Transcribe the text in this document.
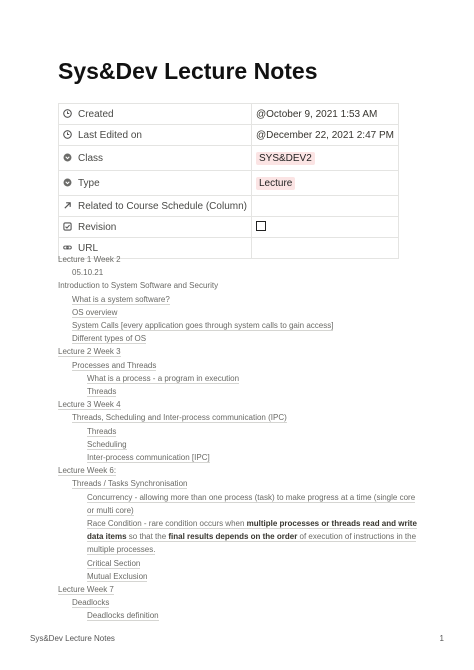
Sys&Dev Lecture Notes
Created	@October 9, 2021 1:53 AM
Last Edited on	@December 22, 2021 2:47 PM
Class	SYS&DEV2
Type	Lecture
Related to Course Schedule (Column)	
Revision	
URL	
Lecture 1 Week 2
05.10.21
Introduction to System Software and Security
What is a system software?
OS overview
System Calls [every application goes through system calls to gain access]
Different types of OS
Lecture 2 Week 3
Processes and Threads
What is a process - a program in execution
Threads
Lecture 3 Week 4
Threads, Scheduling and Inter-process communication (IPC)
Threads
Scheduling
Inter-process communication [IPC]
Lecture Week 6:
Threads / Tasks Synchronisation
Concurrency - allowing more than one process (task) to make progress at a time (single core or multi core)
Race Condition - rare condition occurs when multiple processes or threads read and write data items so that the final results depends on the order of execution of instructions in the multiple processes.
Critical Section
Mutual Exclusion
Lecture Week 7
Deadlocks
Deadlocks definition
Sys&Dev Lecture Notes	1
